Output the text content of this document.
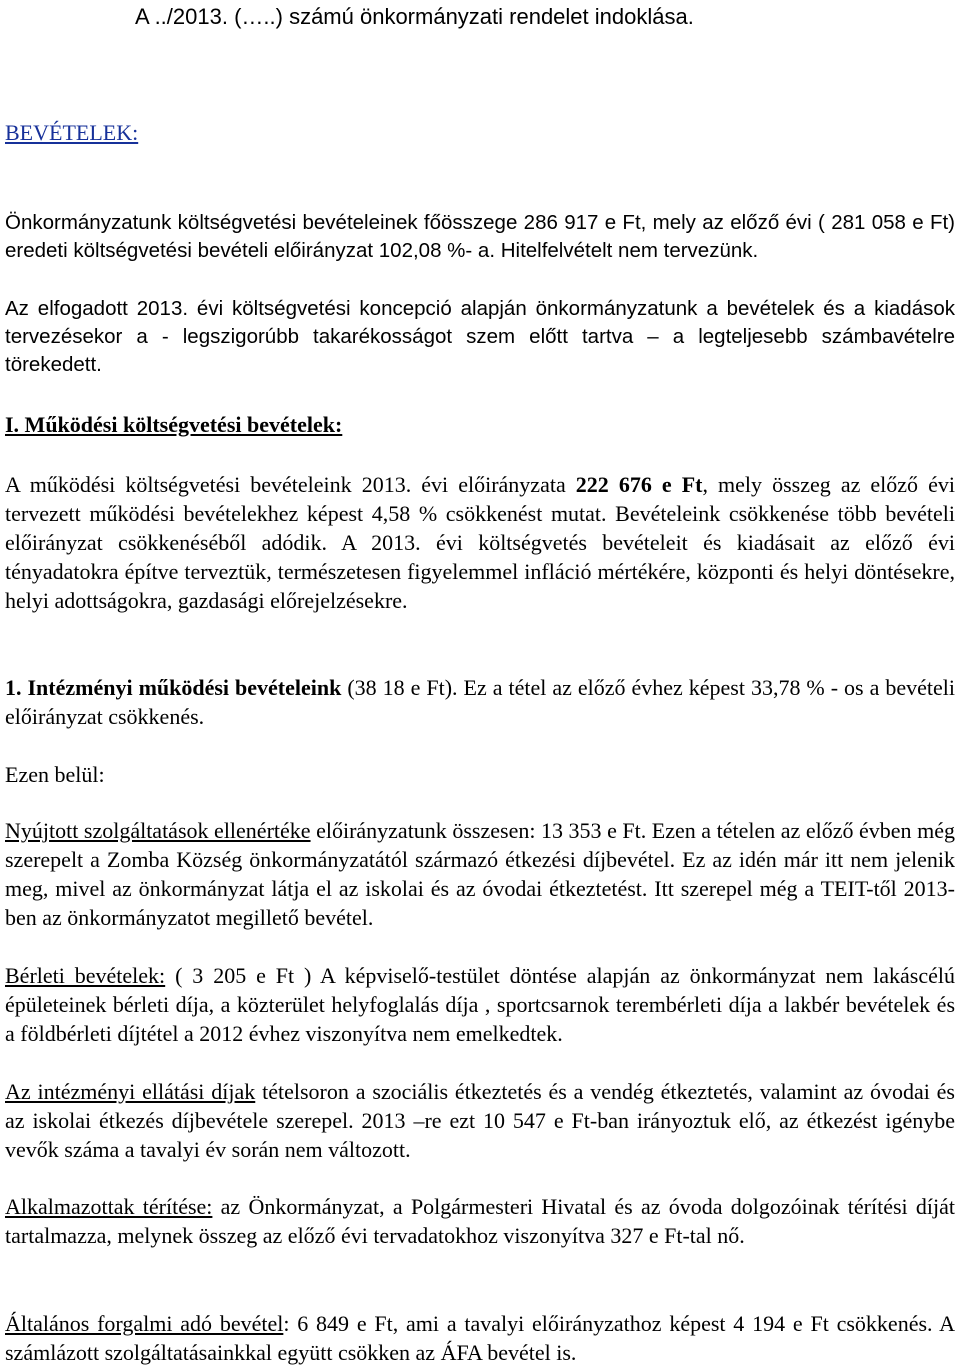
A ../2013. (…..) számú önkormányzati rendelet indoklása.

BEVÉTELEK:

Önkormányzatunk költségvetési bevételeinek főösszege 286 917 e Ft, mely az előző évi ( 281 058 e Ft) eredeti költségvetési bevételi előirányzat 102,08 %- a. Hitelfelvételt nem tervezünk.

Az elfogadott 2013. évi költségvetési koncepció alapján önkormányzatunk a bevételek és a kiadások tervezésekor a - legszigorúbb takarékosságot szem előtt tartva – a legteljesebb számbavételre törekedett.

I. Működési költségvetési bevételek:

A működési költségvetési bevételeink 2013. évi előirányzata 222 676 e Ft, mely összeg az előző évi tervezett működési bevételekhez képest 4,58 % csökkenést mutat. Bevételeink csökkenése több bevételi előirányzat csökkenéséből adódik. A 2013. évi költségvetés bevételeit és kiadásait az előző évi tényadatokra építve terveztük, természetesen figyelemmel infláció mértékére, központi és helyi döntésekre, helyi adottságokra, gazdasági előrejelzésekre.

1. Intézményi működési bevételeink (38 18 e Ft). Ez a tétel az előző évhez képest 33,78 % - os a bevételi előirányzat csökkenés.

Ezen belül:

Nyújtott szolgáltatások ellenértéke előirányzatunk összesen: 13 353 e Ft. Ezen a tételen az előző évben még szerepelt a Zomba Község önkormányzatától származó étkezési díjbevétel. Ez az idén már itt nem jelenik meg, mivel az önkormányzat látja el az iskolai és az óvodai étkeztetést. Itt szerepel még a TEIT-től 2013-ben az önkormányzatot megillető bevétel.

Bérleti bevételek: ( 3 205 e Ft ) A képviselő-testület döntése alapján az önkormányzat nem lakáscélú épületeinek bérleti díja, a közterület helyfoglalás díja , sportcsarnok terembérleti díja a lakbér bevételek és a földbérleti díjtétel a 2012 évhez viszonyítva nem emelkedtek.

Az intézményi ellátási díjak tételsoron a szociális étkeztetés és a vendég étkeztetés, valamint az óvodai és az iskolai étkezés díjbevétele szerepel. 2013 –re ezt 10 547 e Ft-ban irányoztuk elő, az étkezést igénybe vevők száma a tavalyi év során nem változott.

Alkalmazottak térítése: az Önkormányzat, a Polgármesteri Hivatal és az óvoda dolgozóinak térítési díját tartalmazza, melynek összeg az előző évi tervadatokhoz viszonyítva 327 e Ft-tal nő.

Általános forgalmi adó bevétel: 6 849 e Ft, ami a tavalyi előirányzathoz képest 4 194 e Ft csökkenés. A számlázott szolgáltatásainkkal együtt csökken az ÁFA bevétel is.
